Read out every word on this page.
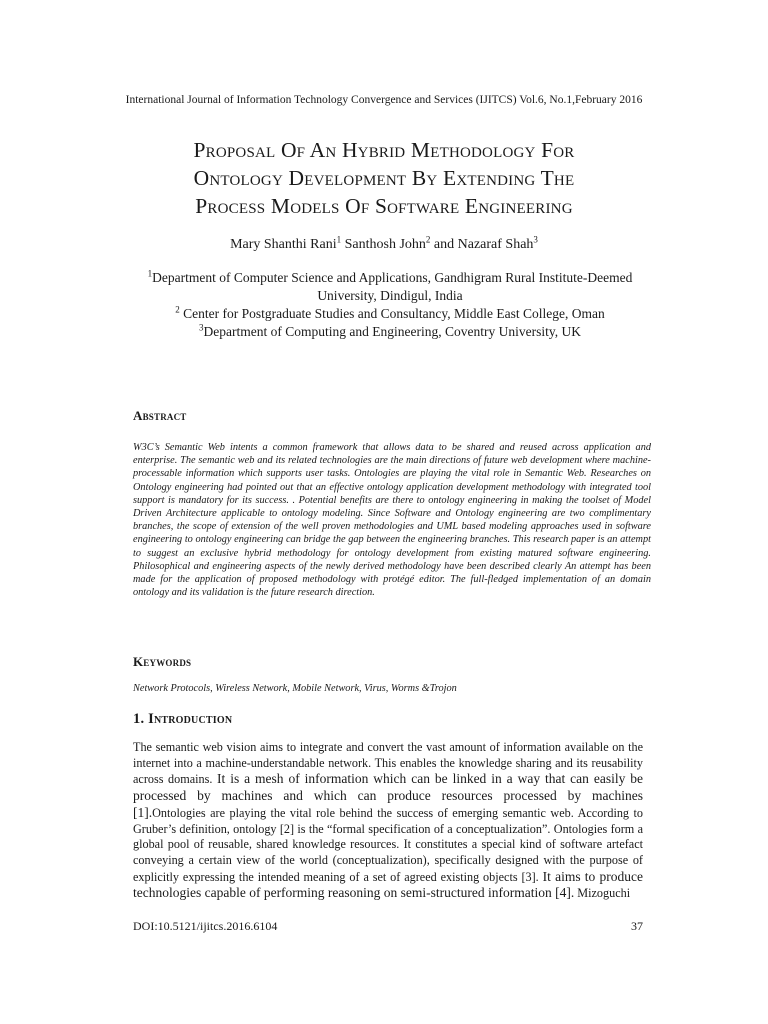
International Journal of Information Technology Convergence and Services (IJITCS) Vol.6, No.1,February 2016
Proposal Of An Hybrid Methodology For
Ontology Development By Extending The
Process Models Of Software Engineering
Mary Shanthi Rani$^1$ Santhosh John$^2$ and Nazaraf Shah$^3$
$^1$Department of Computer Science and Applications, Gandhigram Rural Institute-Deemed
University, Dindigul, India
$^2$ Center for Postgraduate Studies and Consultancy, Middle East College, Oman
$^3$Department of Computing and Engineering, Coventry University, UK
Abstract
W3C’s Semantic Web intents a common framework that allows data to be shared and reused across application and enterprise. The semantic web and its related technologies are the main directions of future web development where machine-processable information which supports user tasks. Ontologies are playing the vital role in Semantic Web. Researches on Ontology engineering had pointed out that an effective ontology application development methodology with integrated tool support is mandatory for its success. . Potential benefits are there to ontology engineering in making the toolset of Model Driven Architecture applicable to ontology modeling. Since Software and Ontology engineering are two complimentary branches, the scope of extension of the well proven methodologies and UML based modeling approaches used in software engineering to ontology engineering can bridge the gap between the engineering branches. This research paper is an attempt to suggest an exclusive hybrid methodology for ontology development from existing matured software engineering. Philosophical and engineering aspects of the newly derived methodology have been described clearly An attempt has been made for the application of proposed methodology with protégé editor. The full-fledged implementation of an domain ontology and its validation is the future research direction.
Keywords
Network Protocols, Wireless Network, Mobile Network, Virus, Worms &Trojon
1. Introduction
The semantic web vision aims to integrate and convert the vast amount of information available on the internet into a machine-understandable network. This enables the knowledge sharing and its reusability across domains. It is a mesh of information which can be linked in a way that can easily be processed by machines and which can produce resources processed by machines [1].Ontologies are playing the vital role behind the success of emerging semantic web. According to Gruber’s definition, ontology [2] is the “formal specification of a conceptualization”. Ontologies form a global pool of reusable, shared knowledge resources. It constitutes a special kind of software artefact conveying a certain view of the world (conceptualization), specifically designed with the purpose of explicitly expressing the intended meaning of a set of agreed existing objects [3]. It aims to produce technologies capable of performing reasoning on semi-structured information [4]. Mizoguchi
DOI:10.5121/ijitcs.2016.6104	37
